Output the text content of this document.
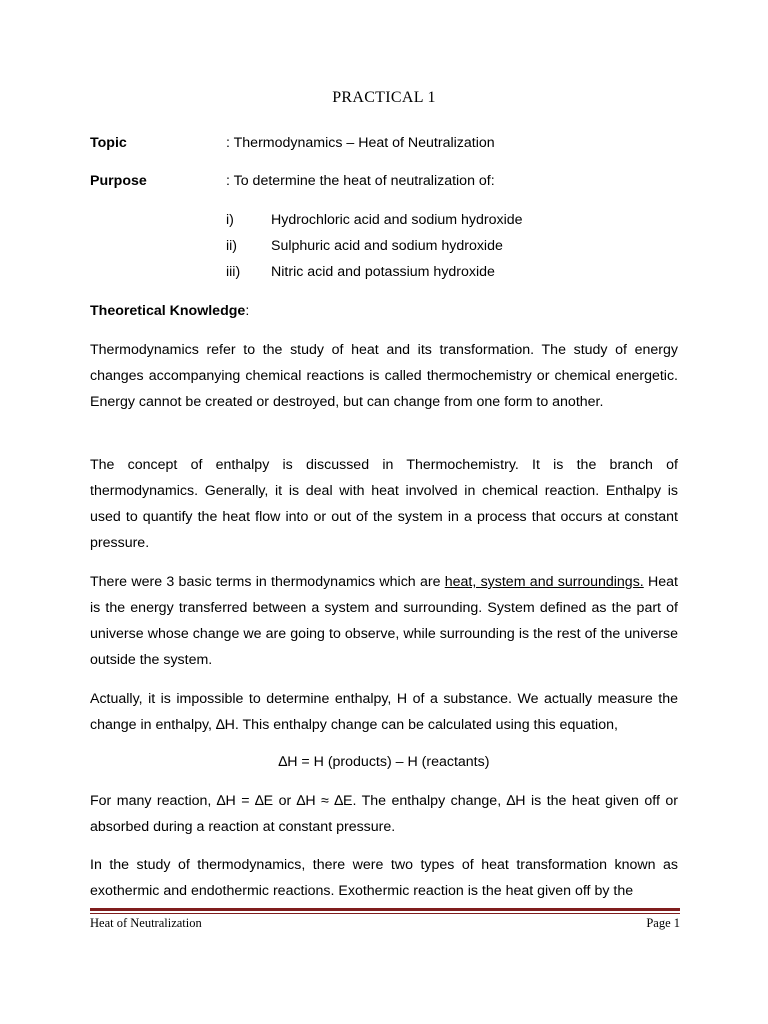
PRACTICAL 1
Topic	: Thermodynamics – Heat of Neutralization
Purpose	: To determine the heat of neutralization of:
i)	Hydrochloric acid and sodium hydroxide
ii) Sulphuric acid and sodium hydroxide
iii) Nitric acid and potassium hydroxide
Theoretical Knowledge:

Thermodynamics refer to the study of heat and its transformation. The study of energy changes accompanying chemical reactions is called thermochemistry or chemical energetic. Energy cannot be created or destroyed, but can change from one form to another.

The concept of enthalpy is discussed in Thermochemistry. It is the branch of thermodynamics. Generally, it is deal with heat involved in chemical reaction. Enthalpy is used to quantify the heat flow into or out of the system in a process that occurs at constant pressure.

There were 3 basic terms in thermodynamics which are heat, system and surroundings. Heat is the energy transferred between a system and surrounding. System defined as the part of universe whose change we are going to observe, while surrounding is the rest of the universe outside the system.

Actually, it is impossible to determine enthalpy, H of a substance. We actually measure the change in enthalpy, ∆H. This enthalpy change can be calculated using this equation,

∆H = H (products) – H (reactants)

For many reaction, ∆H = ∆E or ∆H ≈ ∆E. The enthalpy change, ∆H is the heat given off or absorbed during a reaction at constant pressure.

In the study of thermodynamics, there were two types of heat transformation known as exothermic and endothermic reactions. Exothermic reaction is the heat given off by the

Heat of Neutralization	Page 1
